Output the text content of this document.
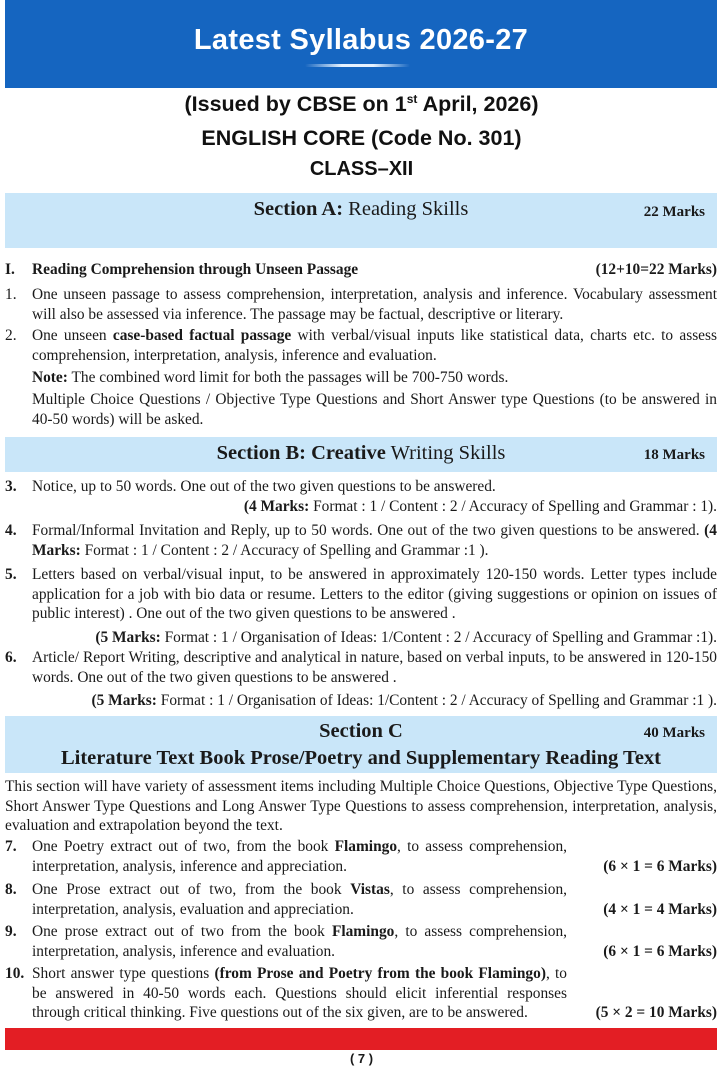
Latest Syllabus 2026-27
(Issued by CBSE on 1st April, 2026)
ENGLISH CORE (Code No. 301)
CLASS–XII
Section A: Reading Skills	22 Marks
I.	Reading Comprehension through Unseen Passage	(12+10=22 Marks)
1.	One unseen passage to assess comprehension, interpretation, analysis and inference. Vocabulary assessment will also be assessed via inference. The passage may be factual, descriptive or literary.
2.	One unseen case-based factual passage with verbal/visual inputs like statistical data, charts etc. to assess comprehension, interpretation, analysis, inference and evaluation.
Note: The combined word limit for both the passages will be 700-750 words.
Multiple Choice Questions / Objective Type Questions and Short Answer type Questions (to be answered in 40-50 words) will be asked.
Section B: Creative Writing Skills	18 Marks
3.	Notice, up to 50 words. One out of the two given questions to be answered.
(4 Marks: Format : 1 / Content : 2 / Accuracy of Spelling and Grammar : 1).
4.	Formal/Informal Invitation and Reply, up to 50 words. One out of the two given questions to be answered. (4 Marks: Format : 1 / Content : 2 / Accuracy of Spelling and Grammar :1 ).
5.	Letters based on verbal/visual input, to be answered in approximately 120-150 words. Letter types include application for a job with bio data or resume. Letters to the editor (giving suggestions or opinion on issues of public interest) . One out of the two given questions to be answered .
(5 Marks: Format : 1 / Organisation of Ideas: 1/Content : 2 / Accuracy of Spelling and Grammar :1).
6.	Article/ Report Writing, descriptive and analytical in nature, based on verbal inputs, to be answered in 120-150 words. One out of the two given questions to be answered .
(5 Marks: Format : 1 / Organisation of Ideas: 1/Content : 2 / Accuracy of Spelling and Grammar :1 ).
Section C	40 Marks
Literature Text Book Prose/Poetry and Supplementary Reading Text
This section will have variety of assessment items including Multiple Choice Questions, Objective Type Questions, Short Answer Type Questions and Long Answer Type Questions to assess comprehension, interpretation, analysis, evaluation and extrapolation beyond the text.
7.	One Poetry extract out of two, from the book Flamingo, to assess comprehension, interpretation, analysis, inference and appreciation.	(6 × 1 = 6 Marks)
8.	One Prose extract out of two, from the book Vistas, to assess comprehension, interpretation, analysis, evaluation and appreciation.	(4 × 1 = 4 Marks)
9.	One prose extract out of two from the book Flamingo, to assess comprehension, interpretation, analysis, inference and evaluation.	(6 × 1 = 6 Marks)
10. Short answer type questions (from Prose and Poetry from the book Flamingo), to be answered in 40-50 words each. Questions should elicit inferential responses through critical thinking. Five questions out of the six given, are to be answered.	(5 × 2 = 10 Marks)
( 7 )
